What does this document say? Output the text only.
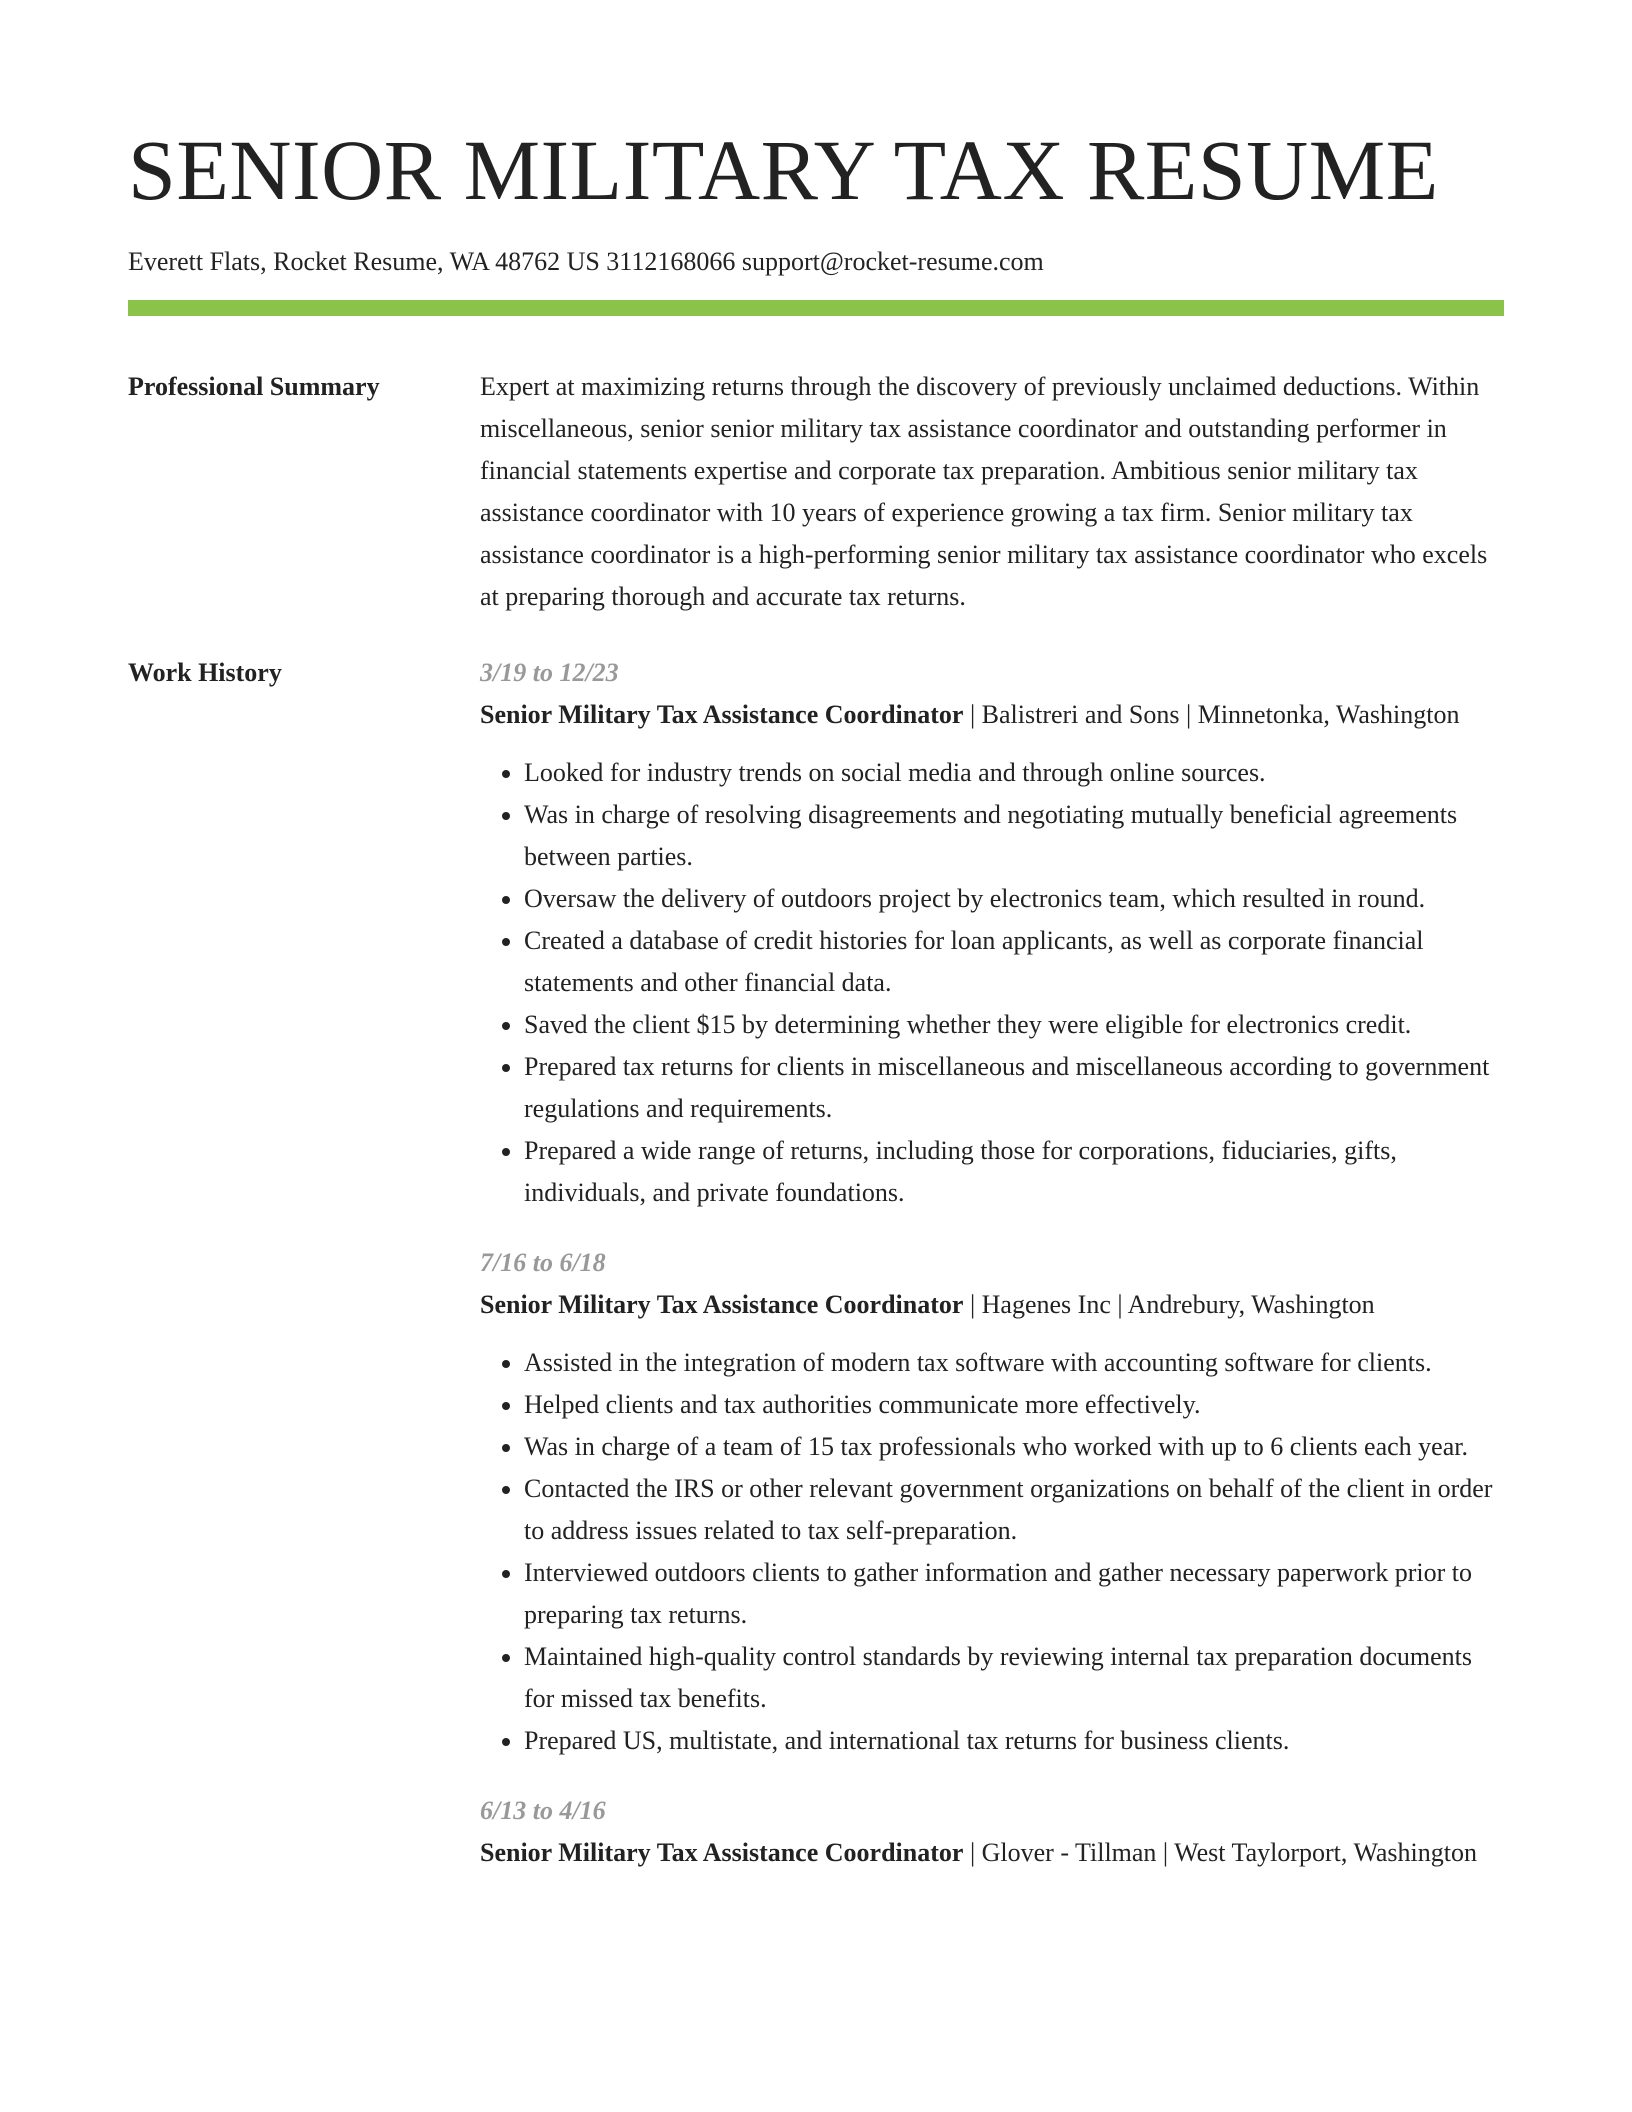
SENIOR MILITARY TAX RESUME
Everett Flats, Rocket Resume, WA 48762 US 3112168066 support@rocket-resume.com
Professional Summary	Expert at maximizing returns through the discovery of previously unclaimed deductions. Within miscellaneous, senior senior military tax assistance coordinator and outstanding performer in financial statements expertise and corporate tax preparation. Ambitious senior military tax assistance coordinator with 10 years of experience growing a tax firm. Senior military tax assistance coordinator is a high-performing senior military tax assistance coordinator who excels at preparing thorough and accurate tax returns.

Work History	3/19 to 12/23

Senior Military Tax Assistance Coordinator | Balistreri and Sons | Minnetonka, Washington

• Looked for industry trends on social media and through online sources.
• Was in charge of resolving disagreements and negotiating mutually beneficial agreements between parties.
• Oversaw the delivery of outdoors project by electronics team, which resulted in round.
• Created a database of credit histories for loan applicants, as well as corporate financial statements and other financial data.
• Saved the client $15 by determining whether they were eligible for electronics credit.
• Prepared tax returns for clients in miscellaneous and miscellaneous according to government regulations and requirements.
• Prepared a wide range of returns, including those for corporations, fiduciaries, gifts, individuals, and private foundations.
7/16 to 6/18

Senior Military Tax Assistance Coordinator | Hagenes Inc | Andrebury, Washington

• Assisted in the integration of modern tax software with accounting software for clients.
• Helped clients and tax authorities communicate more effectively.
• Was in charge of a team of 15 tax professionals who worked with up to 6 clients each year.
• Contacted the IRS or other relevant government organizations on behalf of the client in order to address issues related to tax self-preparation.
• Interviewed outdoors clients to gather information and gather necessary paperwork prior to preparing tax returns.
• Maintained high-quality control standards by reviewing internal tax preparation documents for missed tax benefits.
• Prepared US, multistate, and international tax returns for business clients.
6/13 to 4/16

Senior Military Tax Assistance Coordinator | Glover - Tillman | West Taylorport, Washington
